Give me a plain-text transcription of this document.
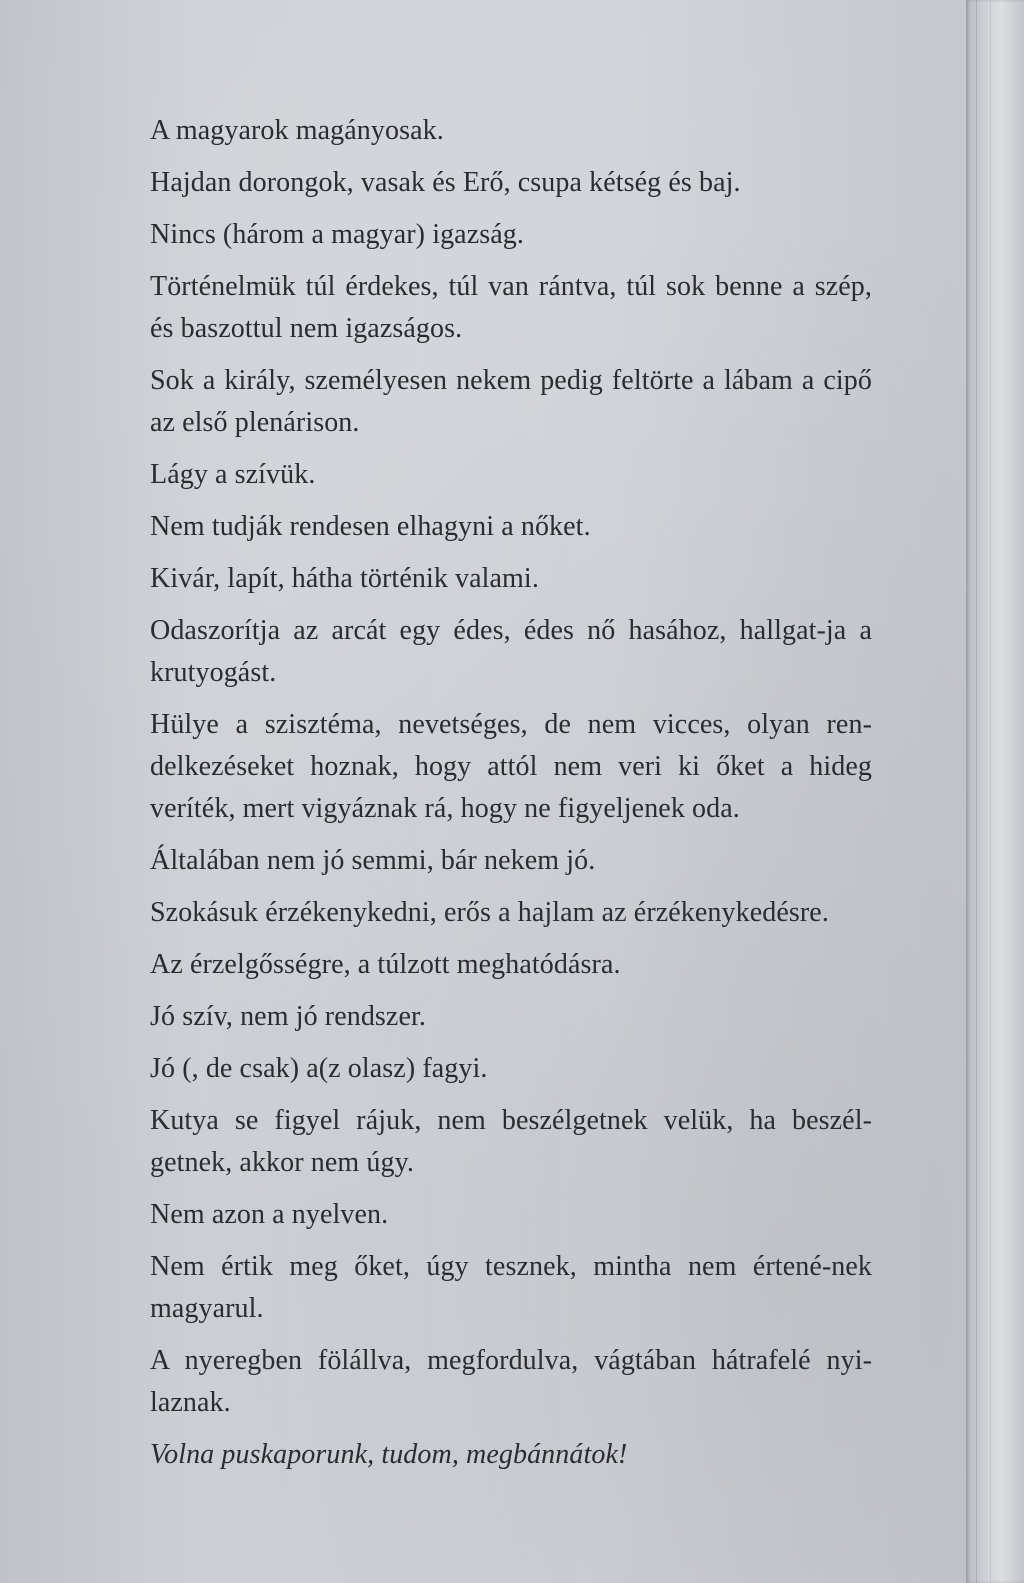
A magyarok magányosak.

Hajdan dorongok, vasak és Erő, csupa kétség és baj.

Nincs (három a magyar) igazság.

Történelmük túl érdekes, túl van rántva, túl sok benne a szép, és baszottul nem igazságos.

Sok a király, személyesen nekem pedig feltörte a lábam a cipő az első plenárison.

Lágy a szívük.

Nem tudják rendesen elhagyni a nőket.

Kivár, lapít, hátha történik valami.

Odaszorítja az arcát egy édes, édes nő hasához, hallgat-ja a krutyogást.

Hülye a szisztéma, nevetséges, de nem vicces, olyan ren-delkezéseket hoznak, hogy attól nem veri ki őket a hideg veríték, mert vigyáznak rá, hogy ne figyeljenek oda.

Általában nem jó semmi, bár nekem jó.

Szokásuk érzékenykedni, erős a hajlam az érzékenykedésre.

Az érzelgősségre, a túlzott meghatódásra.

Jó szív, nem jó rendszer.

Jó (, de csak) a(z olasz) fagyi.

Kutya se figyel rájuk, nem beszélgetnek velük, ha beszél-getnek, akkor nem úgy.

Nem azon a nyelven.

Nem értik meg őket, úgy tesznek, mintha nem értené-nek magyarul.

A nyeregben fölállva, megfordulva, vágtában hátrafelé nyi-laznak.

Volna puskaporunk, tudom, megbánnátok!
